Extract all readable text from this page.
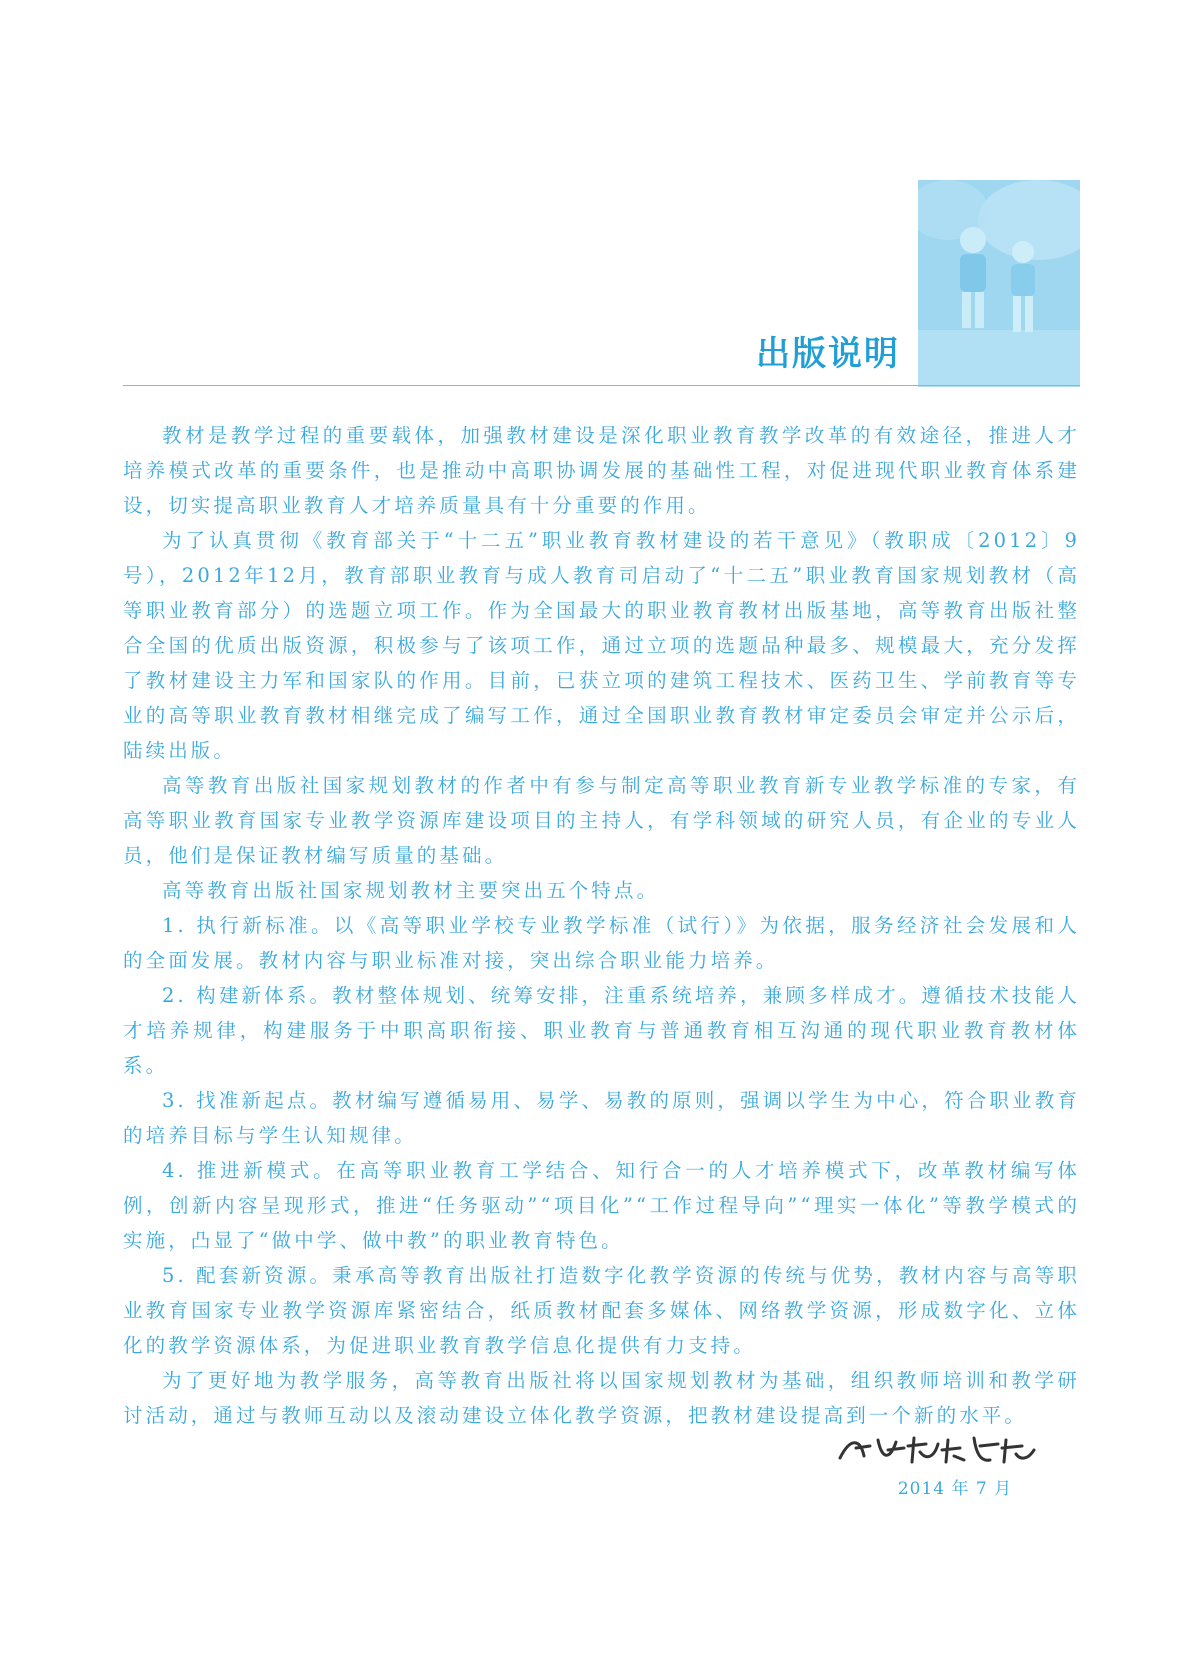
出版说明

教材是教学过程的重要载体，加强教材建设是深化职业教育教学改革的有效途径，推进人才培养模式改革的重要条件，也是推动中高职协调发展的基础性工程，对促进现代职业教育体系建设，切实提高职业教育人才培养质量具有十分重要的作用。

为了认真贯彻《教育部关于“十二五”职业教育教材建设的若干意见》（教职成〔2012〕9号），2012年12月，教育部职业教育与成人教育司启动了“十二五”职业教育国家规划教材（高等职业教育部分）的选题立项工作。作为全国最大的职业教育教材出版基地，高等教育出版社整合全国的优质出版资源，积极参与了该项工作，通过立项的选题品种最多、规模最大，充分发挥了教材建设主力军和国家队的作用。目前，已获立项的建筑工程技术、医药卫生、学前教育等专业的高等职业教育教材相继完成了编写工作，通过全国职业教育教材审定委员会审定并公示后，陆续出版。

高等教育出版社国家规划教材的作者中有参与制定高等职业教育新专业教学标准的专家，有高等职业教育国家专业教学资源库建设项目的主持人，有学科领域的研究人员，有企业的专业人员，他们是保证教材编写质量的基础。

高等教育出版社国家规划教材主要突出五个特点。

1. 执行新标准。以《高等职业学校专业教学标准（试行）》为依据，服务经济社会发展和人的全面发展。教材内容与职业标准对接，突出综合职业能力培养。

2. 构建新体系。教材整体规划、统筹安排，注重系统培养，兼顾多样成才。遵循技术技能人才培养规律，构建服务于中职高职衔接、职业教育与普通教育相互沟通的现代职业教育教材体系。

3. 找准新起点。教材编写遵循易用、易学、易教的原则，强调以学生为中心，符合职业教育的培养目标与学生认知规律。

4. 推进新模式。在高等职业教育工学结合、知行合一的人才培养模式下，改革教材编写体例，创新内容呈现形式，推进“任务驱动”“项目化”“工作过程导向”“理实一体化”等教学模式的实施，凸显了“做中学、做中教”的职业教育特色。

5. 配套新资源。秉承高等教育出版社打造数字化教学资源的传统与优势，教材内容与高等职业教育国家专业教学资源库紧密结合，纸质教材配套多媒体、网络教学资源，形成数字化、立体化的教学资源体系，为促进职业教育教学信息化提供有力支持。

为了更好地为教学服务，高等教育出版社将以国家规划教材为基础，组织教师培训和教学研讨活动，通过与教师互动以及滚动建设立体化教学资源，把教材建设提高到一个新的水平。

2014 年 7 月
